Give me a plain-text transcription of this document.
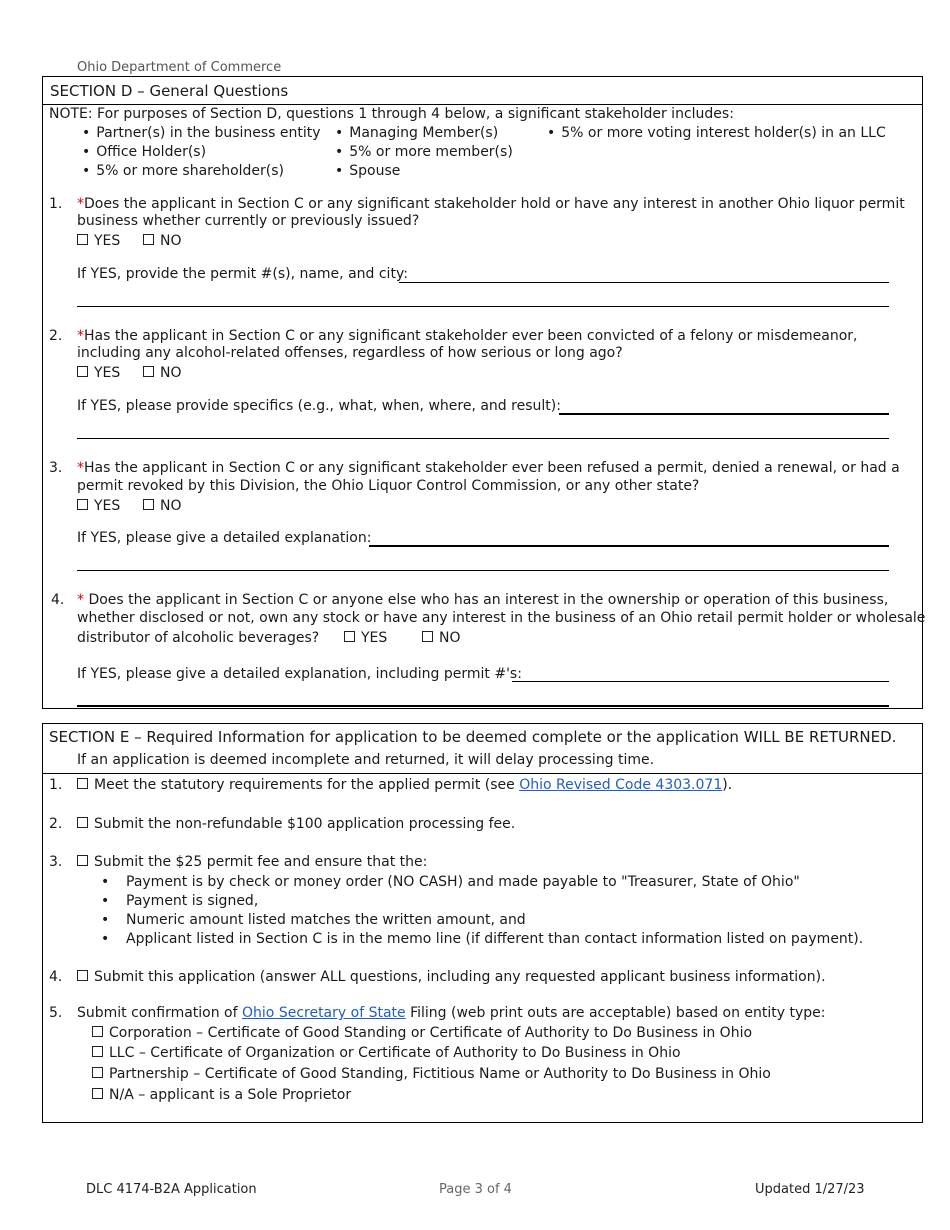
Ohio Department of Commerce
SECTION D – General Questions
NOTE: For purposes of Section D, questions 1 through 4 below, a significant stakeholder includes:
• Partner(s) in the business entity
• Office Holder(s)
• 5% or more shareholder(s)
• Managing Member(s)
• 5% or more member(s)
• Spouse
• 5% or more voting interest holder(s) in an LLC
1. *Does the applicant in Section C or any significant stakeholder hold or have any interest in another Ohio liquor permit
business whether currently or previously issued?
YES	NO
If YES, provide the permit #(s), name, and city:
2. *Has the applicant in Section C or any significant stakeholder ever been convicted of a felony or misdemeanor,
including any alcohol-related offenses, regardless of how serious or long ago?
YES	NO
If YES, please provide specifics (e.g., what, when, where, and result):
3. *Has the applicant in Section C or any significant stakeholder ever been refused a permit, denied a renewal, or had a
permit revoked by this Division, the Ohio Liquor Control Commission, or any other state?
YES	NO
If YES, please give a detailed explanation:
4. * Does the applicant in Section C or anyone else who has an interest in the ownership or operation of this business,
whether disclosed or not, own any stock or have any interest in the business of an Ohio retail permit holder or wholesale
distributor of alcoholic beverages?	YES	NO
If YES, please give a detailed explanation, including permit #'s:
SECTION E – Required Information for application to be deemed complete or the application WILL BE RETURNED.
If an application is deemed incomplete and returned, it will delay processing time.
1.	Meet the statutory requirements for the applied permit (see Ohio Revised Code 4303.071).
2.	Submit the non-refundable $100 application processing fee.
3.	Submit the $25 permit fee and ensure that the:
• Payment is by check or money order (NO CASH) and made payable to "Treasurer, State of Ohio"
• Payment is signed,
• Numeric amount listed matches the written amount, and
• Applicant listed in Section C is in the memo line (if different than contact information listed on payment).
4.	Submit this application (answer ALL questions, including any requested applicant business information).
5. Submit confirmation of Ohio Secretary of State Filing (web print outs are acceptable) based on entity type:
Corporation – Certificate of Good Standing or Certificate of Authority to Do Business in Ohio
LLC – Certificate of Organization or Certificate of Authority to Do Business in Ohio
Partnership – Certificate of Good Standing, Fictitious Name or Authority to Do Business in Ohio
N/A – applicant is a Sole Proprietor
DLC 4174-B2A Application	Page 3 of 4	Updated 1/27/23
